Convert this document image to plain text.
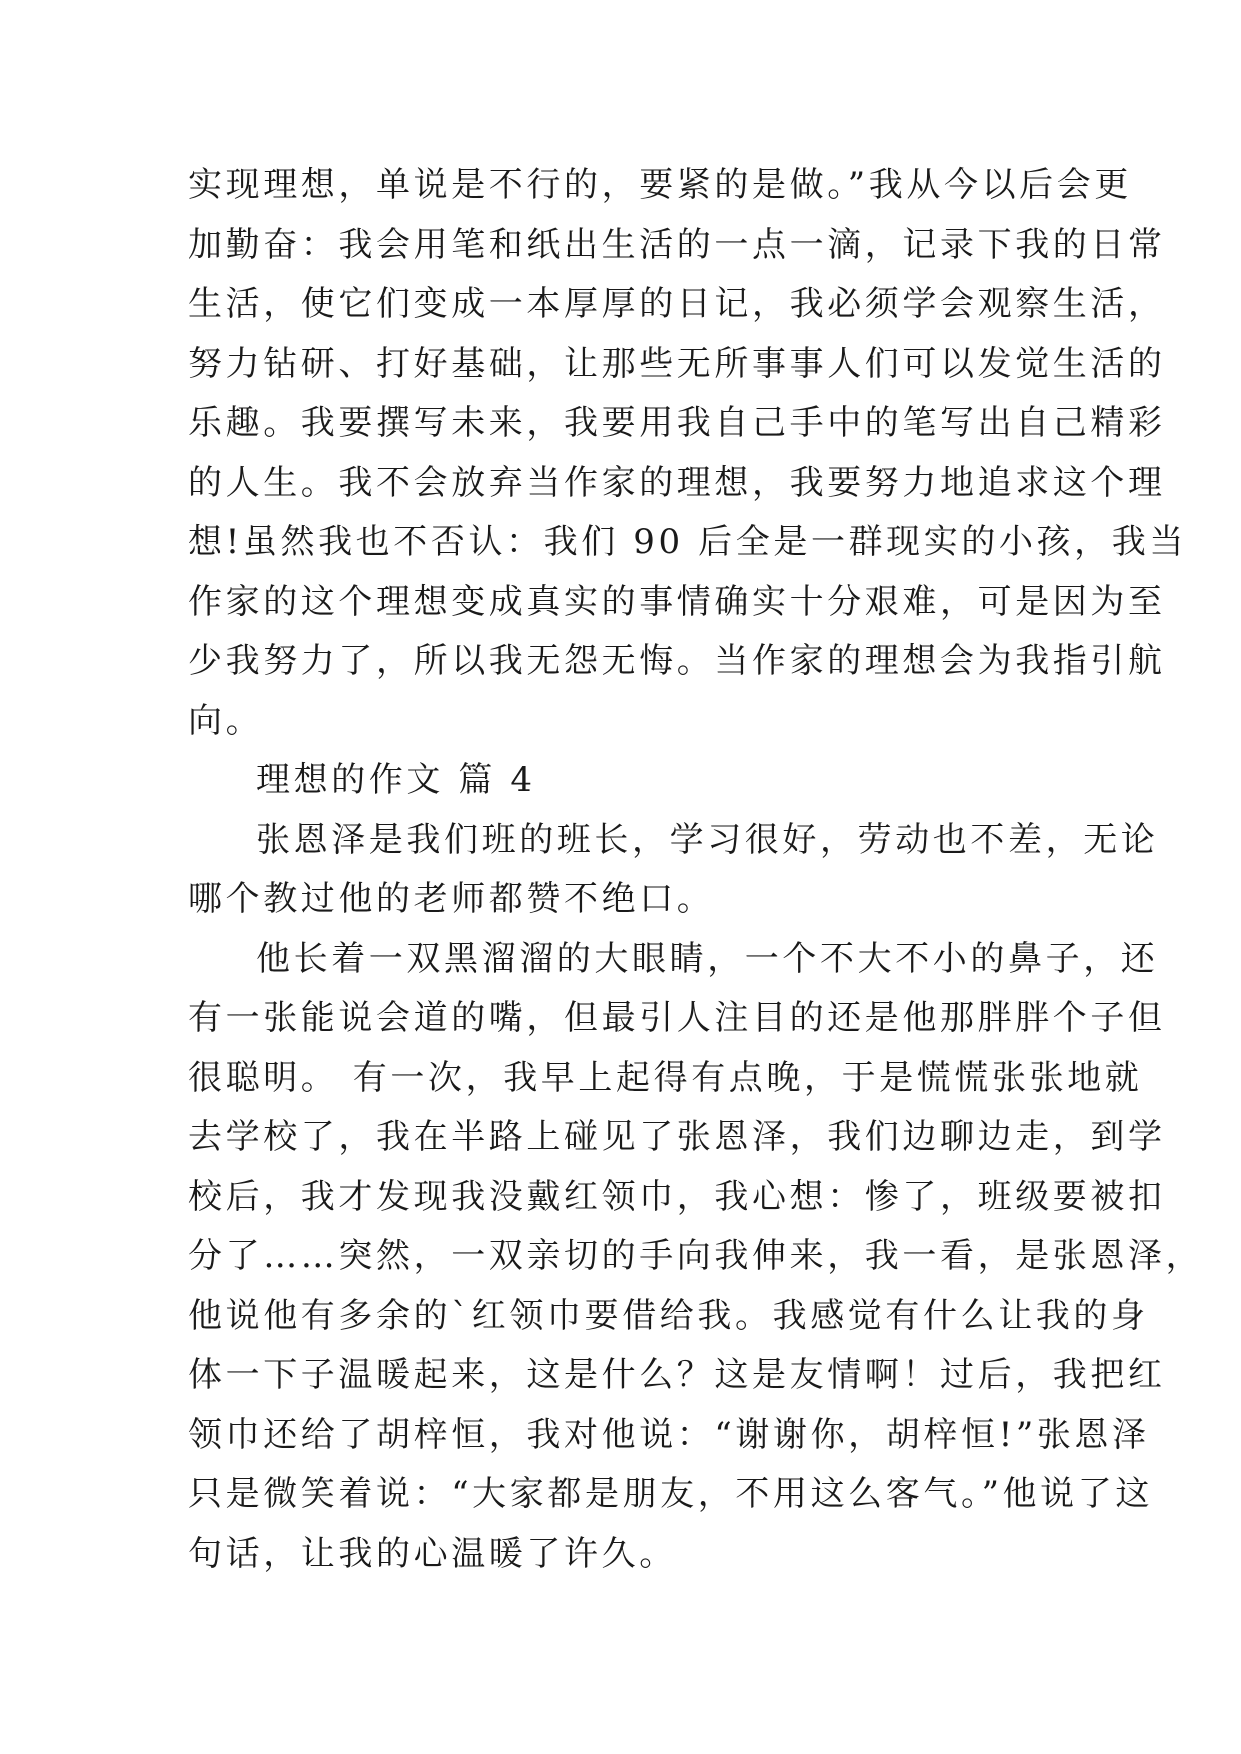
实现理想，单说是不行的，要紧的是做。”我从今以后会更
加勤奋：我会用笔和纸出生活的一点一滴，记录下我的日常
生活，使它们变成一本厚厚的日记，我必须学会观察生活，
努力钻研、打好基础，让那些无所事事人们可以发觉生活的
乐趣。我要撰写未来，我要用我自己手中的笔写出自己精彩
的人生。我不会放弃当作家的理想，我要努力地追求这个理
想!虽然我也不否认：我们 90 后全是一群现实的小孩，我当
作家的这个理想变成真实的事情确实十分艰难，可是因为至
少我努力了，所以我无怨无悔。当作家的理想会为我指引航
向。
理想的作文 篇 4
张恩泽是我们班的班长，学习很好，劳动也不差，无论
哪个教过他的老师都赞不绝口。
他长着一双黑溜溜的大眼睛，一个不大不小的鼻子，还
有一张能说会道的嘴，但最引人注目的还是他那胖胖个子但
很聪明。 有一次，我早上起得有点晚，于是慌慌张张地就
去学校了，我在半路上碰见了张恩泽，我们边聊边走，到学
校后，我才发现我没戴红领巾，我心想：惨了，班级要被扣
分了……突然，一双亲切的手向我伸来，我一看，是张恩泽，
他说他有多余的`红领巾要借给我。我感觉有什么让我的身
体一下子温暖起来，这是什么？这是友情啊！过后，我把红
领巾还给了胡梓恒，我对他说：“谢谢你，胡梓恒!”张恩泽
只是微笑着说：“大家都是朋友，不用这么客气。”他说了这
句话，让我的心温暖了许久。
